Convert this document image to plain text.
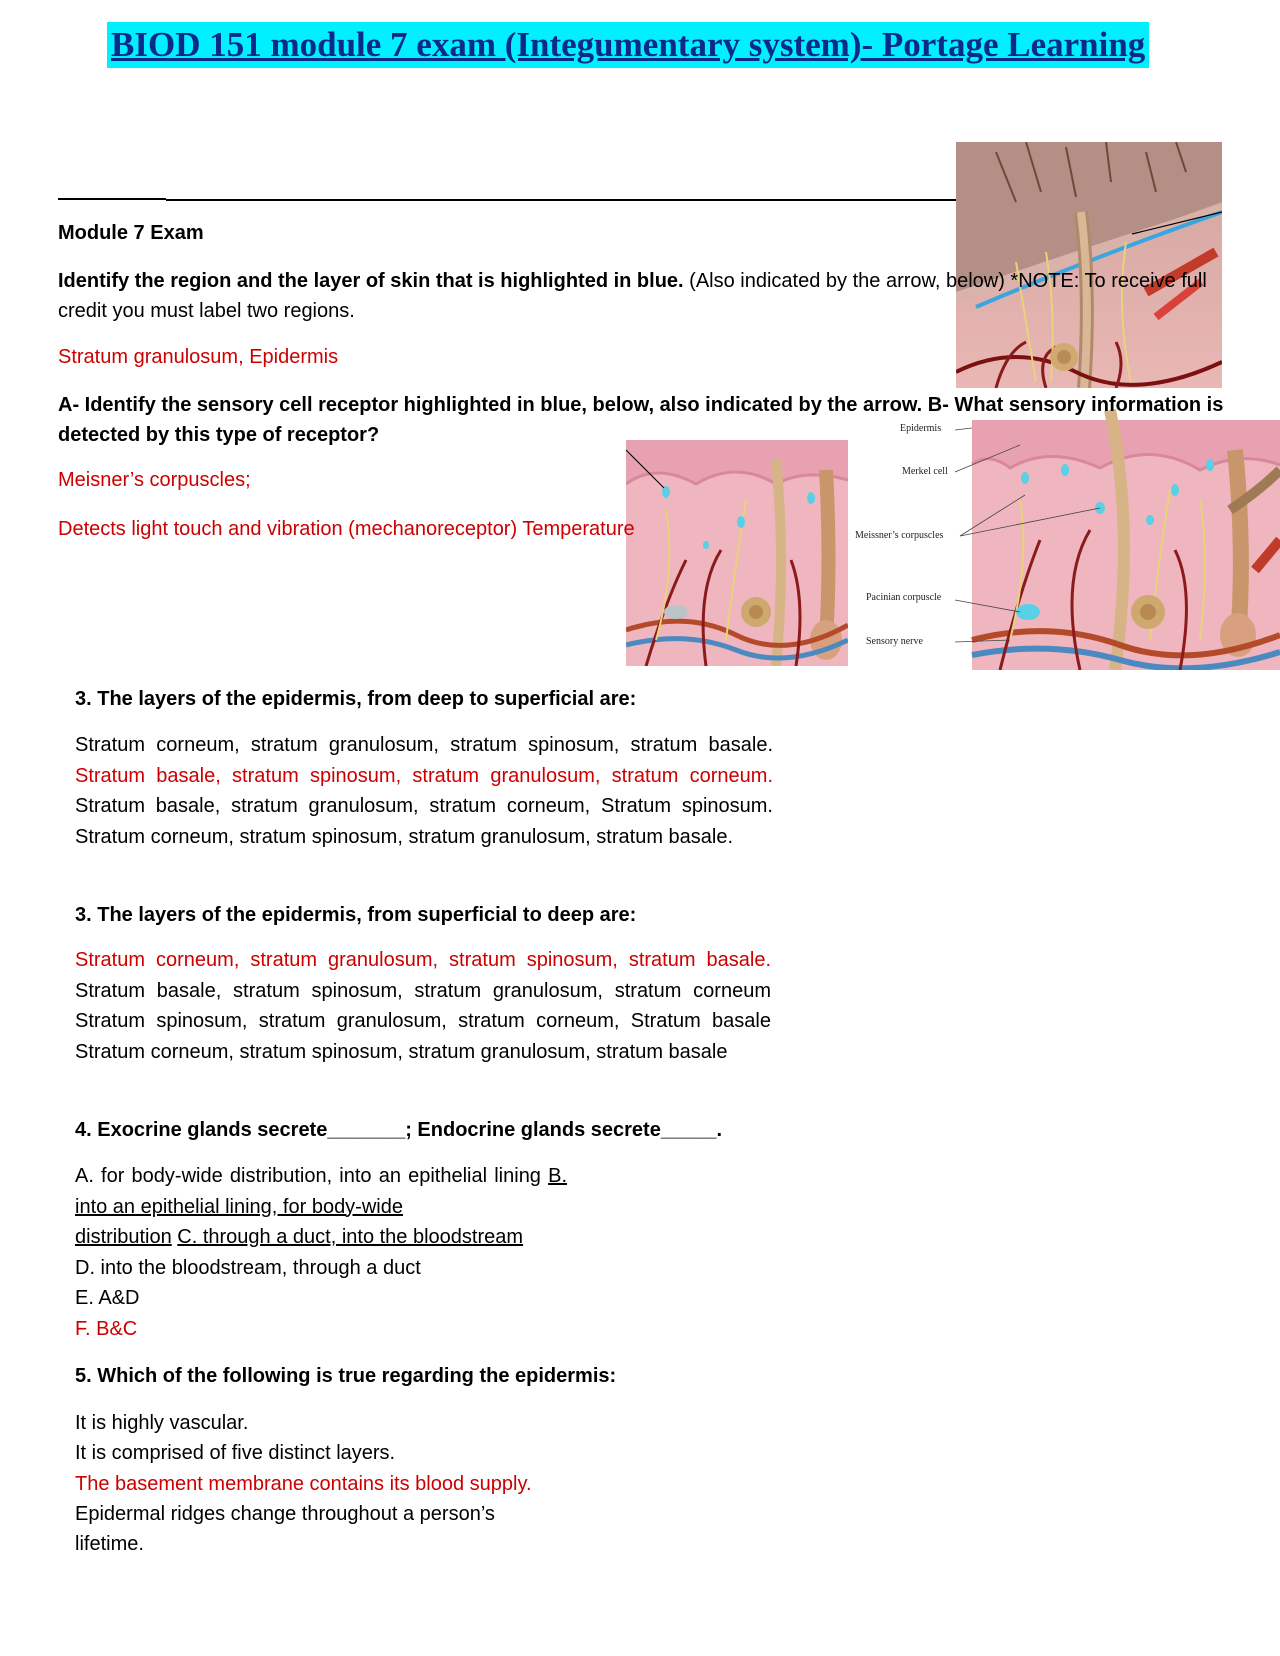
BIOD 151 module 7 exam (Integumentary system)- Portage Learning
Module 7 Exam
Identify the region and the layer of skin that is highlighted in blue. (Also indicated by the arrow, below) *NOTE: To receive full
credit you must label two regions.
Stratum granulosum, Epidermis
Epidermis
Merkel cell
Meissner’s corpuscles
Pacinian corpuscle
Sensory nerve
A- Identify the sensory cell receptor highlighted in blue, below, also indicated by the arrow. B- What sensory information is
detected by this type of receptor?
Meisner’s corpuscles;
Detects light touch and vibration (mechanoreceptor) Temperature
3. The layers of the epidermis, from deep to superficial are:
Stratum corneum, stratum granulosum, stratum spinosum, stratum basale. Stratum basale, stratum spinosum, stratum granulosum, stratum corneum. Stratum basale, stratum granulosum, stratum corneum, Stratum spinosum. Stratum corneum, stratum spinosum, stratum granulosum, stratum basale.
3. The layers of the epidermis, from superficial to deep are:
Stratum corneum, stratum granulosum, stratum spinosum, stratum basale. Stratum basale, stratum spinosum, stratum granulosum, stratum corneum Stratum spinosum, stratum granulosum, stratum corneum, Stratum basale Stratum corneum, stratum spinosum, stratum granulosum, stratum basale
4. Exocrine glands secrete_______; Endocrine glands secrete_____.
A. for body-wide distribution, into an epithelial lining B. into an epithelial lining, for body-wide
distribution C. through a duct, into the bloodstream
D. into the bloodstream, through a duct
E. A&D
F. B&C
5. Which of the following is true regarding the epidermis:
It is highly vascular.
It is comprised of five distinct layers.
The basement membrane contains its blood supply.
Epidermal ridges change throughout a person’s
lifetime.
